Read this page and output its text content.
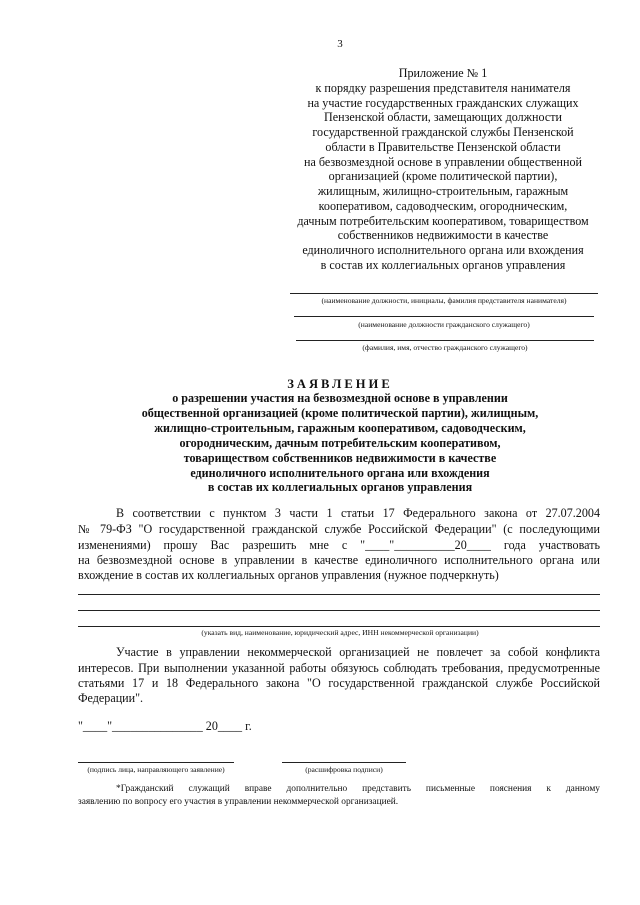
3
Приложение № 1
к порядку разрешения представителя нанимателя
на участие государственных гражданских служащих
Пензенской области, замещающих должности
государственной гражданской службы Пензенской
области в Правительстве Пензенской области
на безвозмездной основе в управлении общественной
организацией (кроме политической партии),
жилищным, жилищно-строительным, гаражным
кооперативом, садоводческим, огородническим,
дачным потребительским кооперативом, товариществом
собственников недвижимости в качестве
единоличного исполнительного органа или вхождения
в состав их коллегиальных органов управления
(наименование должности, инициалы, фамилия представителя нанимателя)
(наименование должности гражданского служащего)
(фамилия, имя, отчество гражданского служащего)
ЗАЯВЛЕНИЕ
о разрешении участия на безвозмездной основе в управлении
общественной организацией (кроме политической партии), жилищным,
жилищно-строительным, гаражным кооперативом, садоводческим,
огородническим, дачным потребительским кооперативом,
товариществом собственников недвижимости в качестве
единоличного исполнительного органа или вхождения
в состав их коллегиальных органов управления
В соответствии с пунктом 3 части 1 статьи 17 Федерального закона от 27.07.2004
№ 79-ФЗ "О государственной гражданской службе Российской Федерации" (с последующими
изменениями) прошу Вас разрешить мне с "____"__________20____ года участвовать
на безвозмездной основе в управлении в качестве единоличного исполнительного органа или
вхождение в состав их коллегиальных органов управления (нужное подчеркнуть)
(указать вид, наименование, юридический адрес, ИНН некоммерческой организации)
Участие в управлении некоммерческой организацией не повлечет за собой конфликта
интересов. При выполнении указанной работы обязуюсь соблюдать требования, предусмотренные
статьями 17 и 18 Федерального закона "О государственной гражданской службе Российской
Федерации".
"____"_______________ 20____ г.
(подпись лица, направляющего заявление)	(расшифровка подписи)
*Гражданский служащий вправе дополнительно представить письменные пояснения к данному
заявлению по вопросу его участия в управлении некоммерческой организацией.
